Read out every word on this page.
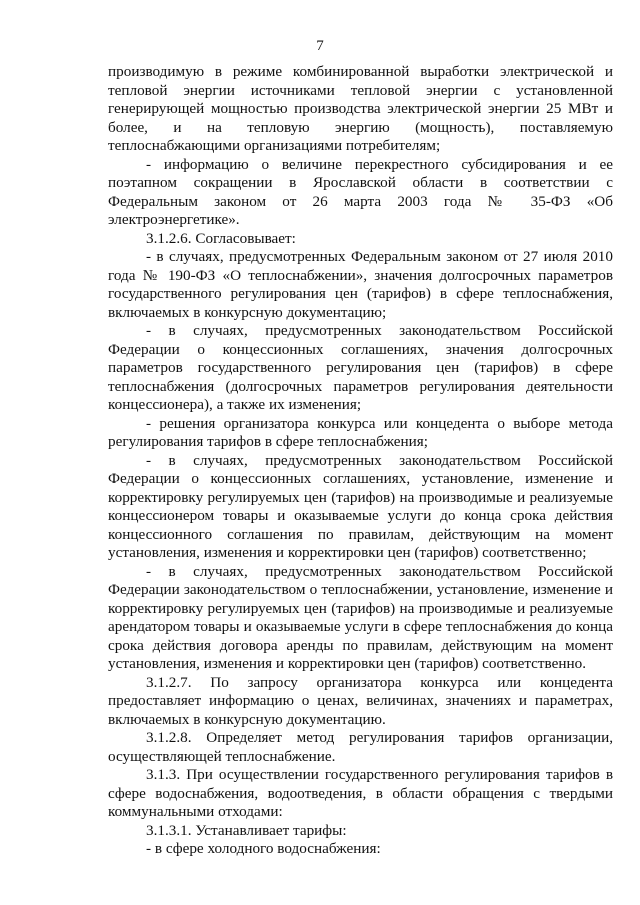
7

производимую в режиме комбинированной выработки электрической и тепловой энергии источниками тепловой энергии с установленной генерирующей мощностью производства электрической энергии 25 МВт и более, и на тепловую энергию (мощность), поставляемую теплоснабжающими организациями потребителям;

- информацию о величине перекрестного субсидирования и ее поэтапном сокращении в Ярославской области в соответствии с Федеральным законом от 26 марта 2003 года № 35-ФЗ «Об электроэнергетике».

3.1.2.6. Согласовывает:

- в случаях, предусмотренных Федеральным законом от 27 июля 2010 года № 190-ФЗ «О теплоснабжении», значения долгосрочных параметров государственного регулирования цен (тарифов) в сфере теплоснабжения, включаемых в конкурсную документацию;

- в случаях, предусмотренных законодательством Российской Федерации о концессионных соглашениях, значения долгосрочных параметров государственного регулирования цен (тарифов) в сфере теплоснабжения (долгосрочных параметров регулирования деятельности концессионера), а также их изменения;

- решения организатора конкурса или концедента о выборе метода регулирования тарифов в сфере теплоснабжения;

- в случаях, предусмотренных законодательством Российской Федерации о концессионных соглашениях, установление, изменение и корректировку регулируемых цен (тарифов) на производимые и реализуемые концессионером товары и оказываемые услуги до конца срока действия концессионного соглашения по правилам, действующим на момент установления, изменения и корректировки цен (тарифов) соответственно;

- в случаях, предусмотренных законодательством Российской Федерации законодательством о теплоснабжении, установление, изменение и корректировку регулируемых цен (тарифов) на производимые и реализуемые арендатором товары и оказываемые услуги в сфере теплоснабжения до конца срока действия договора аренды по правилам, действующим на момент установления, изменения и корректировки цен (тарифов) соответственно.

3.1.2.7. По запросу организатора конкурса или концедента предоставляет информацию о ценах, величинах, значениях и параметрах, включаемых в конкурсную документацию.

3.1.2.8. Определяет метод регулирования тарифов организации, осуществляющей теплоснабжение.

3.1.3. При осуществлении государственного регулирования тарифов в сфере водоснабжения, водоотведения, в области обращения с твердыми коммунальными отходами:

3.1.3.1. Устанавливает тарифы:

- в сфере холодного водоснабжения:
